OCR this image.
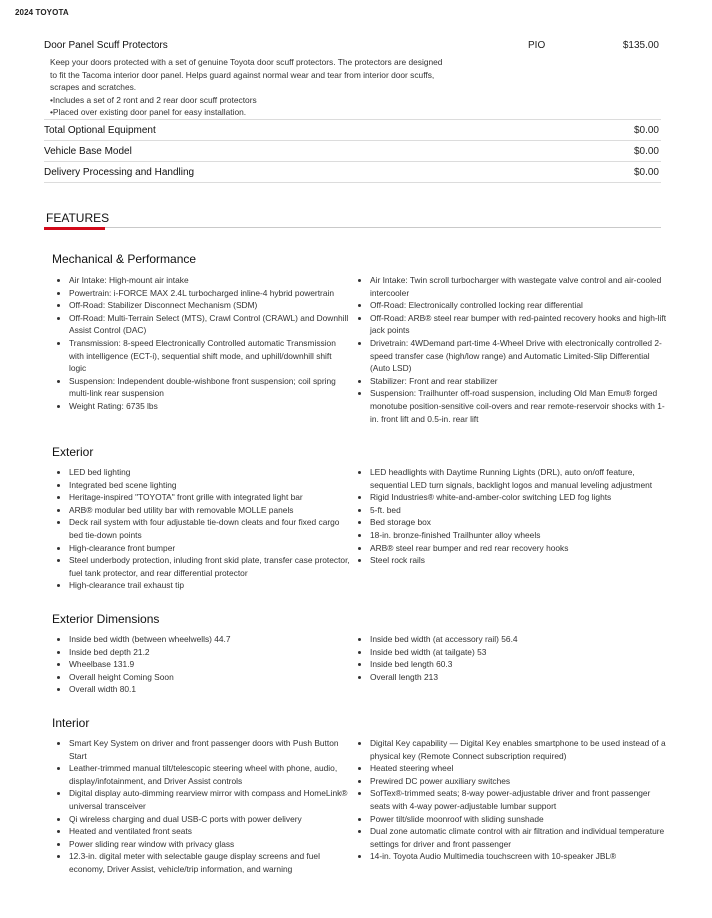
2024 TOYOTA
Door Panel Scuff Protectors	PIO	$135.00

Keep your doors protected with a set of genuine Toyota door scuff protectors. The protectors are designed to fit the Tacoma interior door panel. Helps guard against normal wear and tear from interior door scuffs, scrapes and scratches.

•Includes a set of 2 ront and 2 rear door scuff protectors

•Placed over existing door panel for easy installation.

Total Optional Equipment	$0.00
Vehicle Base Model	$0.00
Delivery Processing and Handling	$0.00
FEATURES
Mechanical & Performance
• Air Intake: High-mount air intake
• Powertrain: i-FORCE MAX 2.4L turbocharged inline-4 hybrid powertrain
• Off-Road: Stabilizer Disconnect Mechanism (SDM)
• Off-Road: Multi-Terrain Select (MTS), Crawl Control (CRAWL) and Downhill Assist Control (DAC)
• Transmission: 8-speed Electronically Controlled automatic Transmission with intelligence (ECT-i), sequential shift mode, and uphill/downhill shift logic
• Suspension: Independent double-wishbone front suspension; coil spring multi-link rear suspension
• Weight Rating: 6735 lbs
• Air Intake: Twin scroll turbocharger with wastegate valve control and air-cooled intercooler
• Off-Road: Electronically controlled locking rear differential
• Off-Road: ARB® steel rear bumper with red-painted recovery hooks and high-lift jack points
• Drivetrain: 4WDemand part-time 4-Wheel Drive with electronically controlled 2-speed transfer case (high/low range) and Automatic Limited-Slip Differential (Auto LSD)
• Stabilizer: Front and rear stabilizer
• Suspension: Trailhunter off-road suspension, including Old Man Emu® forged monotube position-sensitive coil-overs and rear remote-reservoir shocks with 1-in. front lift and 0.5-in. rear lift
Exterior
• LED bed lighting
• Integrated bed scene lighting
• Heritage-inspired "TOYOTA" front grille with integrated light bar
• ARB® modular bed utility bar with removable MOLLE panels
• Deck rail system with four adjustable tie-down cleats and four fixed cargo bed tie-down points
• High-clearance front bumper
• Steel underbody protection, inluding front skid plate, transfer case protector, fuel tank protector, and rear differential protector
• High-clearance trail exhaust tip
• LED headlights with Daytime Running Lights (DRL), auto on/off feature, sequential LED turn signals, backlight logos and manual leveling adjustment
• Rigid Industries® white-and-amber-color switching LED fog lights
• 5-ft. bed
• Bed storage box
• 18-in. bronze-finished Trailhunter alloy wheels
• ARB® steel rear bumper and red rear recovery hooks
• Steel rock rails
Exterior Dimensions
• Inside bed width (between wheelwells) 44.7
• Inside bed depth 21.2
• Wheelbase 131.9
• Overall height Coming Soon
• Overall width 80.1
• Inside bed width (at accessory rail) 56.4
• Inside bed width (at tailgate) 53
• Inside bed length 60.3
• Overall length 213
Interior
• Smart Key System on driver and front passenger doors with Push Button Start
• Leather-trimmed manual tilt/telescopic steering wheel with phone, audio, display/infotainment, and Driver Assist controls
• Digital display auto-dimming rearview mirror with compass and HomeLink® universal transceiver
• Qi wireless charging and dual USB-C ports with power delivery
• Heated and ventilated front seats
• Power sliding rear window with privacy glass
• 12.3-in. digital meter with selectable gauge display screens and fuel economy, Driver Assist, vehicle/trip information, and warning
• Digital Key capability — Digital Key enables smartphone to be used instead of a physical key (Remote Connect subscription required)
• Heated steering wheel
• Prewired DC power auxiliary switches
• SofTex®-trimmed seats; 8-way power-adjustable driver and front passenger seats with 4-way power-adjustable lumbar support
• Power tilt/slide moonroof with sliding sunshade
• Dual zone automatic climate control with air filtration and individual temperature settings for driver and front passenger
• 14-in. Toyota Audio Multimedia touchscreen with 10-speaker JBL®
